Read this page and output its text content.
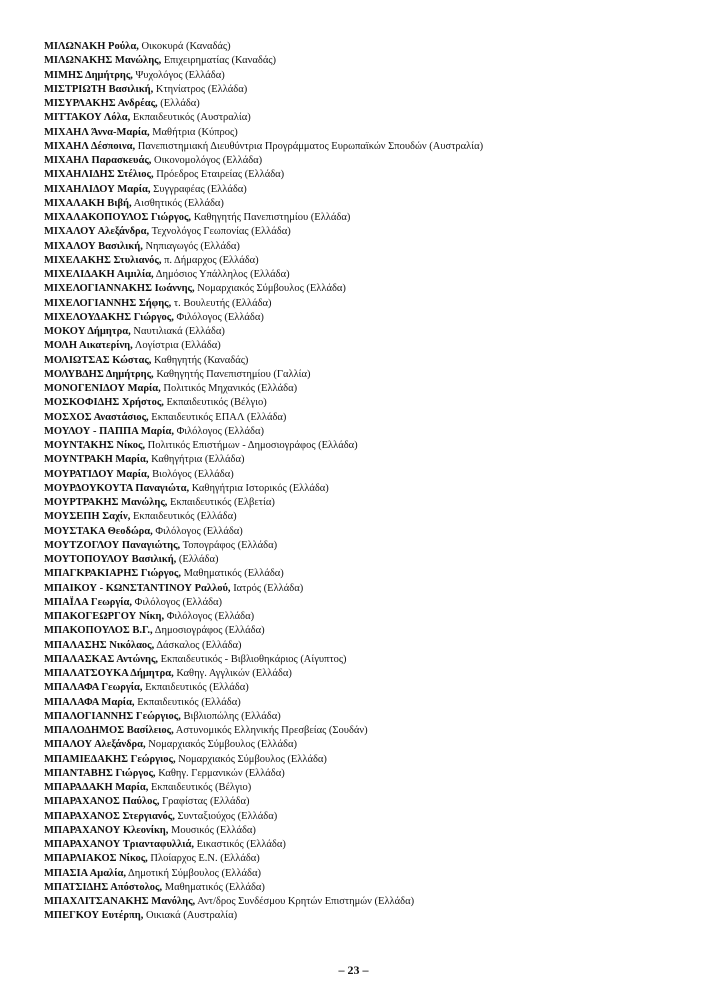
ΜΙΛΩΝΑΚΗ Ρούλα, Οικοκυρά (Καναδάς)
ΜΙΛΩΝΑΚΗΣ Μανώλης, Επιχειρηματίας (Καναδάς)
ΜΙΜΗΣ Δημήτρης, Ψυχολόγος (Ελλάδα)
ΜΙΣΤΡΙΩΤΗ Βασιλική, Κτηνίατρος (Ελλάδα)
ΜΙΣΥΡΛΑΚΗΣ Ανδρέας, (Ελλάδα)
ΜΙΤΤΑΚΟΥ Λόλα, Εκπαιδευτικός (Αυστραλία)
ΜΙΧΑΗΛ Άννα-Μαρία, Μαθήτρια (Κύπρος)
ΜΙΧΑΗΛ Δέσποινα, Πανεπιστημιακή Διευθύντρια Προγράμματος Ευρωπαϊκών Σπουδών (Αυστραλία)
ΜΙΧΑΗΛ Παρασκευάς, Οικονομολόγος (Ελλάδα)
ΜΙΧΑΗΛΙΔΗΣ Στέλιος, Πρόεδρος Εταιρείας (Ελλάδα)
ΜΙΧΑΗΛΙΔΟΥ Μαρία, Συγγραφέας (Ελλάδα)
ΜΙΧΑΛΑΚΗ Βιβή, Αισθητικός (Ελλάδα)
ΜΙΧΑΛΑΚΟΠΟΥΛΟΣ Γιώργος, Καθηγητής Πανεπιστημίου (Ελλάδα)
ΜΙΧΑΛΟΥ Αλεξάνδρα, Τεχνολόγος Γεωπονίας (Ελλάδα)
ΜΙΧΑΛΟΥ Βασιλική, Νηπιαγωγός (Ελλάδα)
ΜΙΧΕΛΑΚΗΣ Στυλιανός, π. Δήμαρχος (Ελλάδα)
ΜΙΧΕΛΙΔΑΚΗ Αιμιλία, Δημόσιος Υπάλληλος (Ελλάδα)
ΜΙΧΕΛΟΓΙΑΝΝΑΚΗΣ Ιωάννης, Νομαρχιακός Σύμβουλος (Ελλάδα)
ΜΙΧΕΛΟΓΙΑΝΝΗΣ Σήφης, τ. Βουλευτής (Ελλάδα)
ΜΙΧΕΛΟΥΔΑΚΗΣ Γιώργος, Φιλόλογος (Ελλάδα)
ΜΟΚΟΥ Δήμητρα, Ναυτιλιακά (Ελλάδα)
ΜΟΛΗ Αικατερίνη, Λογίστρια (Ελλάδα)
ΜΟΛΙΩΤΣΑΣ Κώστας, Καθηγητής (Καναδάς)
ΜΟΛΥΒΔΗΣ Δημήτρης, Καθηγητής Πανεπιστημίου (Γαλλία)
ΜΟΝΟΓΕΝΙΔΟΥ Μαρία, Πολιτικός Μηχανικός (Ελλάδα)
ΜΟΣΚΟΦΙΔΗΣ Χρήστος, Εκπαιδευτικός (Βέλγιο)
ΜΟΣΧΟΣ Αναστάσιος, Εκπαιδευτικός ΕΠΑΛ (Ελλάδα)
ΜΟΥΛΟΥ - ΠΑΠΠΑ Μαρία, Φιλόλογος (Ελλάδα)
ΜΟΥΝΤΑΚΗΣ Νίκος, Πολιτικός Επιστήμων - Δημοσιογράφος (Ελλάδα)
ΜΟΥΝΤΡΑΚΗ Μαρία, Καθηγήτρια (Ελλάδα)
ΜΟΥΡΑΤΙΔΟΥ Μαρία, Βιολόγος (Ελλάδα)
ΜΟΥΡΔΟΥΚΟΥΤΑ Παναγιώτα, Καθηγήτρια Ιστορικός (Ελλάδα)
ΜΟΥΡΤΡΑΚΗΣ Μανώλης, Εκπαιδευτικός (Ελβετία)
ΜΟΥΣΕΠΗ Σαχίν, Εκπαιδευτικός (Ελλάδα)
ΜΟΥΣΤΑΚΑ Θεοδώρα, Φιλόλογος (Ελλάδα)
ΜΟΥΤΖΟΓΛΟΥ Παναγιώτης, Τοπογράφος (Ελλάδα)
ΜΟΥΤΟΠΟΥΛΟΥ Βασιλική, (Ελλάδα)
ΜΠΑΓΚΡΑΚΙΑΡΗΣ Γιώργος, Μαθηματικός (Ελλάδα)
ΜΠΑΙΚΟΥ - ΚΩΝΣΤΑΝΤΙΝΟΥ Ραλλού, Ιατρός (Ελλάδα)
ΜΠΑΪΛΑ Γεωργία, Φιλόλογος (Ελλάδα)
ΜΠΑΚΟΓΕΩΡΓΟΥ Νίκη, Φιλόλογος (Ελλάδα)
ΜΠΑΚΟΠΟΥΛΟΣ Β.Γ., Δημοσιογράφος (Ελλάδα)
ΜΠΑΛΑΣΗΣ Νικόλαος, Δάσκαλος (Ελλάδα)
ΜΠΑΛΑΣΚΑΣ Αντώνης, Εκπαιδευτικός - Βιβλιοθηκάριος (Αίγυπτος)
ΜΠΑΛΑΤΣΟΥΚΑ Δήμητρα, Καθηγ. Αγγλικών (Ελλάδα)
ΜΠΑΛΑΦΑ Γεωργία, Εκπαιδευτικός (Ελλάδα)
ΜΠΑΛΑΦΑ Μαρία, Εκπαιδευτικός (Ελλάδα)
ΜΠΑΛΟΓΙΑΝΝΗΣ Γεώργιος, Βιβλιοπώλης (Ελλάδα)
ΜΠΑΛΟΔΗΜΟΣ Βασίλειος, Αστυνομικός Ελληνικής Πρεσβείας (Σουδάν)
ΜΠΑΛΟΥ Αλεξάνδρα, Νομαρχιακός Σύμβουλος (Ελλάδα)
ΜΠΑΜΙΕΔΑΚΗΣ Γεώργιος, Νομαρχιακός Σύμβουλος (Ελλάδα)
ΜΠΑΝΤΑΒΗΣ Γιώργος, Καθηγ. Γερμανικών (Ελλάδα)
ΜΠΑΡΑΔΑΚΗ Μαρία, Εκπαιδευτικός (Βέλγιο)
ΜΠΑΡΑΧΑΝΟΣ Παύλος, Γραφίστας (Ελλάδα)
ΜΠΑΡΑΧΑΝΟΣ Στεργιανός, Συνταξιούχος (Ελλάδα)
ΜΠΑΡΑΧΑΝΟΥ Κλεονίκη, Μουσικός (Ελλάδα)
ΜΠΑΡΑΧΑΝΟΥ Τριανταφυλλιά, Εικαστικός (Ελλάδα)
ΜΠΑΡΛΙΑΚΟΣ Νίκος, Πλοίαρχος Ε.Ν. (Ελλάδα)
ΜΠΑΣΙΑ Αμαλία, Δημοτική Σύμβουλος (Ελλάδα)
ΜΠΑΤΣΙΔΗΣ Απόστολος, Μαθηματικός (Ελλάδα)
ΜΠΑΧΛΙΤΣΑΝΑΚΗΣ Μανόλης, Αντ/δρος Συνδέσμου Κρητών Επιστημών (Ελλάδα)
ΜΠΕΓΚΟΥ Ευτέρπη, Οικιακά (Αυστραλία)
– 23 –
